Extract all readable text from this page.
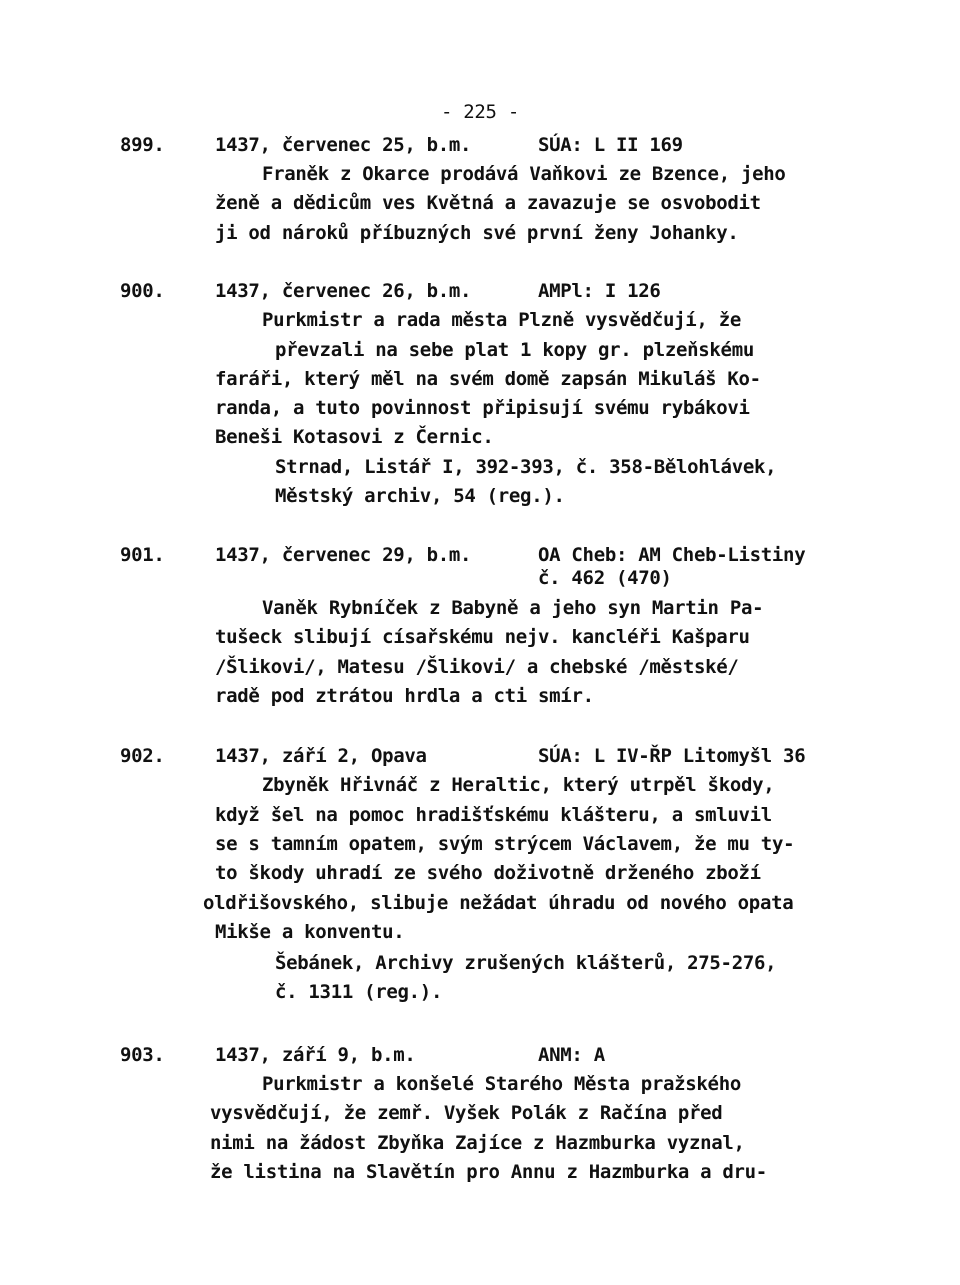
- 225 -
899.	1437, červenec 25, b.m.	SÚA: L II 169
Franěk z Okarce prodává Vaňkovi ze Bzence, jeho
ženě a dědicům ves Květná a zavazuje se osvobodit
ji od nároků příbuzných své první ženy Johanky.
900.	1437, červenec 26, b.m.	AMPl: I 126
Purkmistr a rada města Plzně vysvědčují, že
převzali na sebe plat 1 kopy gr. plzeňskému
faráři, který měl na svém domě zapsán Mikuláš Ko-
randa, a tuto povinnost připisují svému rybákovi
Beneši Kotasovi z Černic.
Strnad, Listář I, 392-393, č. 358-Bělohlávek,
Městský archiv, 54 (reg.).
901.	1437, červenec 29, b.m.	OA Cheb: AM Cheb-Listiny
č. 462 (470)
Vaněk Rybníček z Babyně a jeho syn Martin Pa-
tušeck slibují císařskému nejv. kancléři Kašparu
/Šlikovi/, Matesu /Šlikovi/ a chebské /městské/
radě pod ztrátou hrdla a cti smír.
902.	1437, září 2, Opava	SÚA: L IV-ŘP Litomyšl 36
Zbyněk Hřivnáč z Heraltic, který utrpěl škody,
když šel na pomoc hradišťskému klášteru, a smluvil
se s tamním opatem, svým strýcem Václavem, že mu ty-
to škody uhradí ze svého doživotně drženého zboží
oldřišovského, slibuje nežádat úhradu od nového opata
Mikše a konventu.
Šebánek, Archivy zrušených klášterů, 275-276,
č. 1311 (reg.).
903.	1437, září 9, b.m.	ANM: A
Purkmistr a konšelé Starého Města pražského
vysvědčují, že zemř. Vyšek Polák z Račína před
nimi na žádost Zbyňka Zajíce z Hazmburka vyznal,
že listina na Slavětín pro Annu z Hazmburka a dru-
